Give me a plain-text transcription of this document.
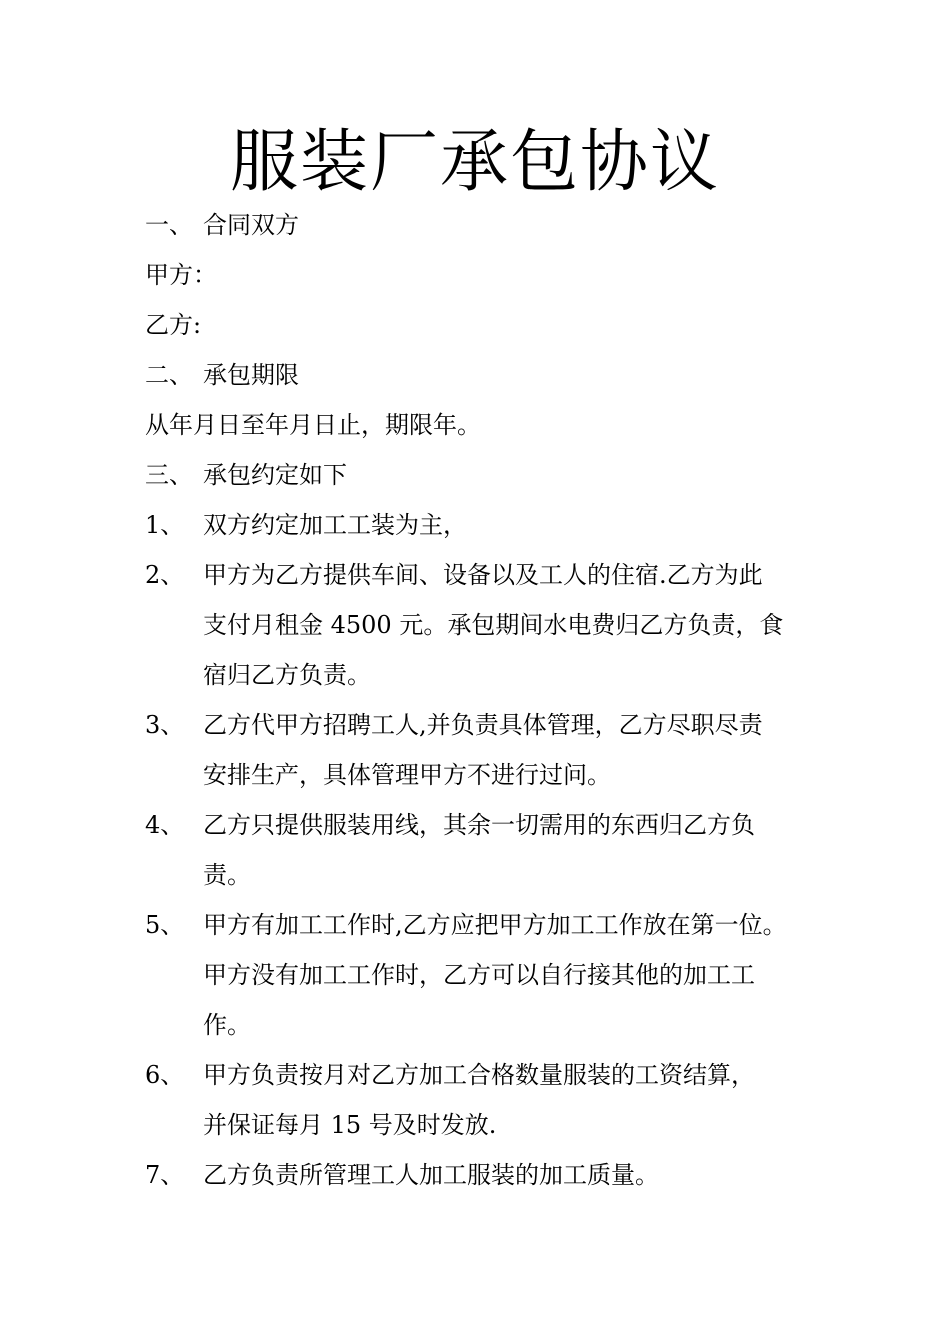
服装厂承包协议
一、 合同双方

甲方：

乙方:

二、 承包期限

从年月日至年月日止，期限年。

三、 承包约定如下
1、 双方约定加工工装为主，
2、 甲方为乙方提供车间、设备以及工人的住宿.乙方为此
支付月租金 4500 元。承包期间水电费归乙方负责，食
宿归乙方负责。
3、 乙方代甲方招聘工人,并负责具体管理，乙方尽职尽责
安排生产，具体管理甲方不进行过问。
4、 乙方只提供服装用线，其余一切需用的东西归乙方负
责。
5、 甲方有加工工作时,乙方应把甲方加工工作放在第一位。
甲方没有加工工作时，乙方可以自行接其他的加工工
作。
6、 甲方负责按月对乙方加工合格数量服装的工资结算，
并保证每月 15 号及时发放.
7、 乙方负责所管理工人加工服装的加工质量。
